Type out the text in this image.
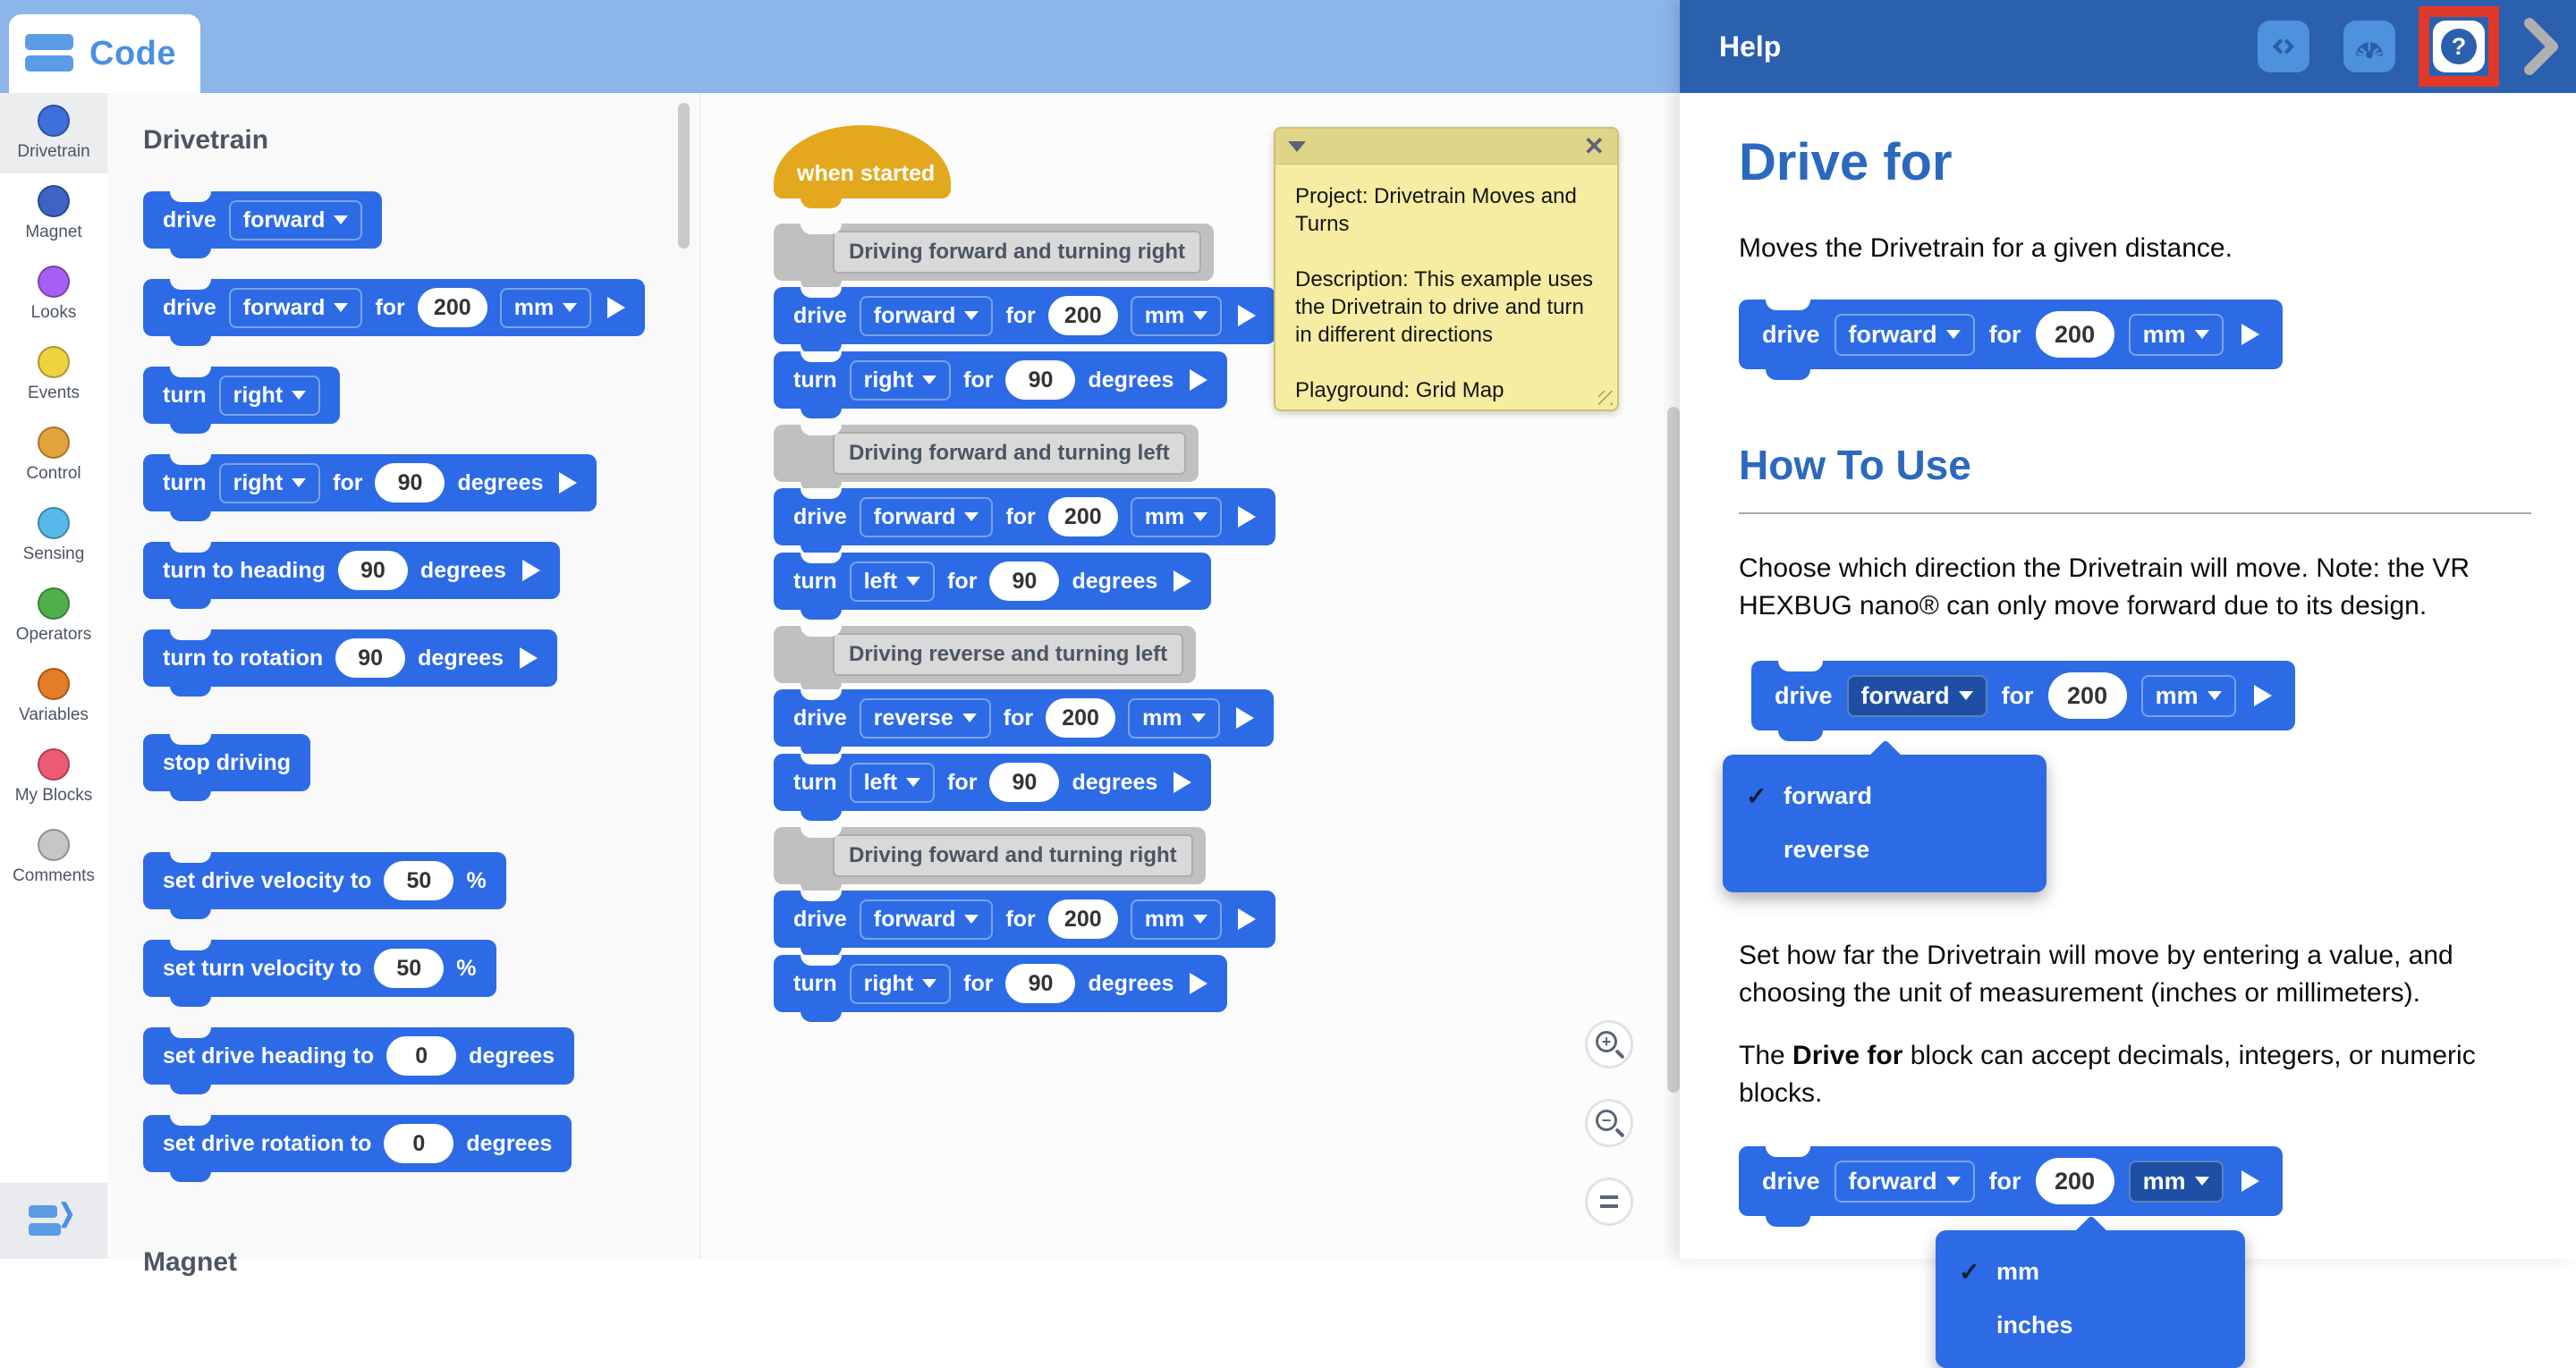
Code
Drivetrain
Magnet
Looks
Events
Control
Sensing
Operators
Variables
My Blocks
Comments
❯
Drivetrain
drive forward
drive forward for	200	mm
turn right
turn right for	90	degrees
turn to heading	90	degrees
turn to rotation	90	degrees
stop driving
set drive velocity to	50	%
set turn velocity to	50	%
set drive heading to	0	degrees
set drive rotation to	0	degrees
Magnet
when started
Driving forward and turning right
drive forward for	200	mm
turn right for	90	degrees
Driving forward and turning left
drive forward for	200	mm
turn left for	90	degrees
Driving reverse and turning left
drive reverse for	200	mm
turn left for	90	degrees
Driving foward and turning right
drive forward for	200	mm
turn right for	90	degrees
✕

Project: Drivetrain Moves and Turns

Description: This example uses the Drivetrain to drive and turn in different directions

Playground: Grid Map

+
−
Help	?
Drive for

Moves the Drivetrain for a given distance.

drive forward for	200	mm
How To Use

Choose which direction the Drivetrain will move. Note: the VR HEXBUG nano® can only move forward due to its design.

drive forward for	200	mm
✓ forward
reverse

Set how far the Drivetrain will move by entering a value, and choosing the unit of measurement (inches or millimeters).

The Drive for block can accept decimals, integers, or numeric blocks.

drive forward for	200	mm
✓ mm
inches
